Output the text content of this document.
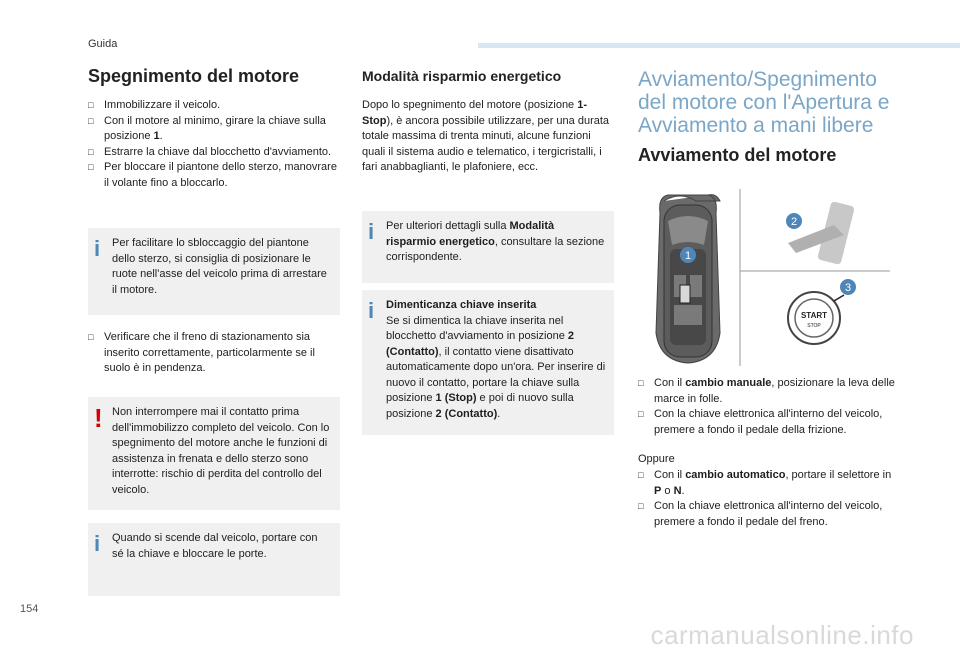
Guida
Spegnimento del motore
□ Immobilizzare il veicolo.
□ Con il motore al minimo, girare la chiave sulla posizione 1.
□ Estrarre la chiave dal blocchetto d'avviamento.
□ Per bloccare il piantone dello sterzo, manovrare il volante fino a bloccarlo.
i Per facilitare lo sbloccaggio del piantone dello sterzo, si consiglia di posizionare le ruote nell'asse del veicolo prima di arrestare il motore.
□ Verificare che il freno di stazionamento sia inserito correttamente, particolarmente se il suolo è in pendenza.
! Non interrompere mai il contatto prima dell'immobilizzo completo del veicolo. Con lo spegnimento del motore anche le funzioni di assistenza in frenata e dello sterzo sono interrotte: rischio di perdita del controllo del veicolo.
i Quando si scende dal veicolo, portare con sé la chiave e bloccare le porte.
Modalità risparmio energetico
Dopo lo spegnimento del motore (posizione 1-Stop), è ancora possibile utilizzare, per una durata totale massima di trenta minuti, alcune funzioni quali il sistema audio e telematico, i tergicristalli, i fari anabbaglianti, le plafoniere, ecc.
i Per ulteriori dettagli sulla Modalità risparmio energetico, consultare la sezione corrispondente.
i Dimenticanza chiave inserita
Se si dimentica la chiave inserita nel blocchetto d'avviamento in posizione 2 (Contatto), il contatto viene disattivato automaticamente dopo un'ora. Per inserire di nuovo il contatto, portare la chiave sulla posizione 1 (Stop) e poi di nuovo sulla posizione 2 (Contatto).
Avviamento/Spegnimento del motore con l'Apertura e Avviamento a mani libere
Avviamento del motore
1
2
START
STOP
3
□ Con il cambio manuale, posizionare la leva delle marce in folle.
□ Con la chiave elettronica all'interno del veicolo, premere a fondo il pedale della frizione.
Oppure
□ Con il cambio automatico, portare il selettore in P o N.
□ Con la chiave elettronica all'interno del veicolo, premere a fondo il pedale del freno.
154
carmanualsonline.info
